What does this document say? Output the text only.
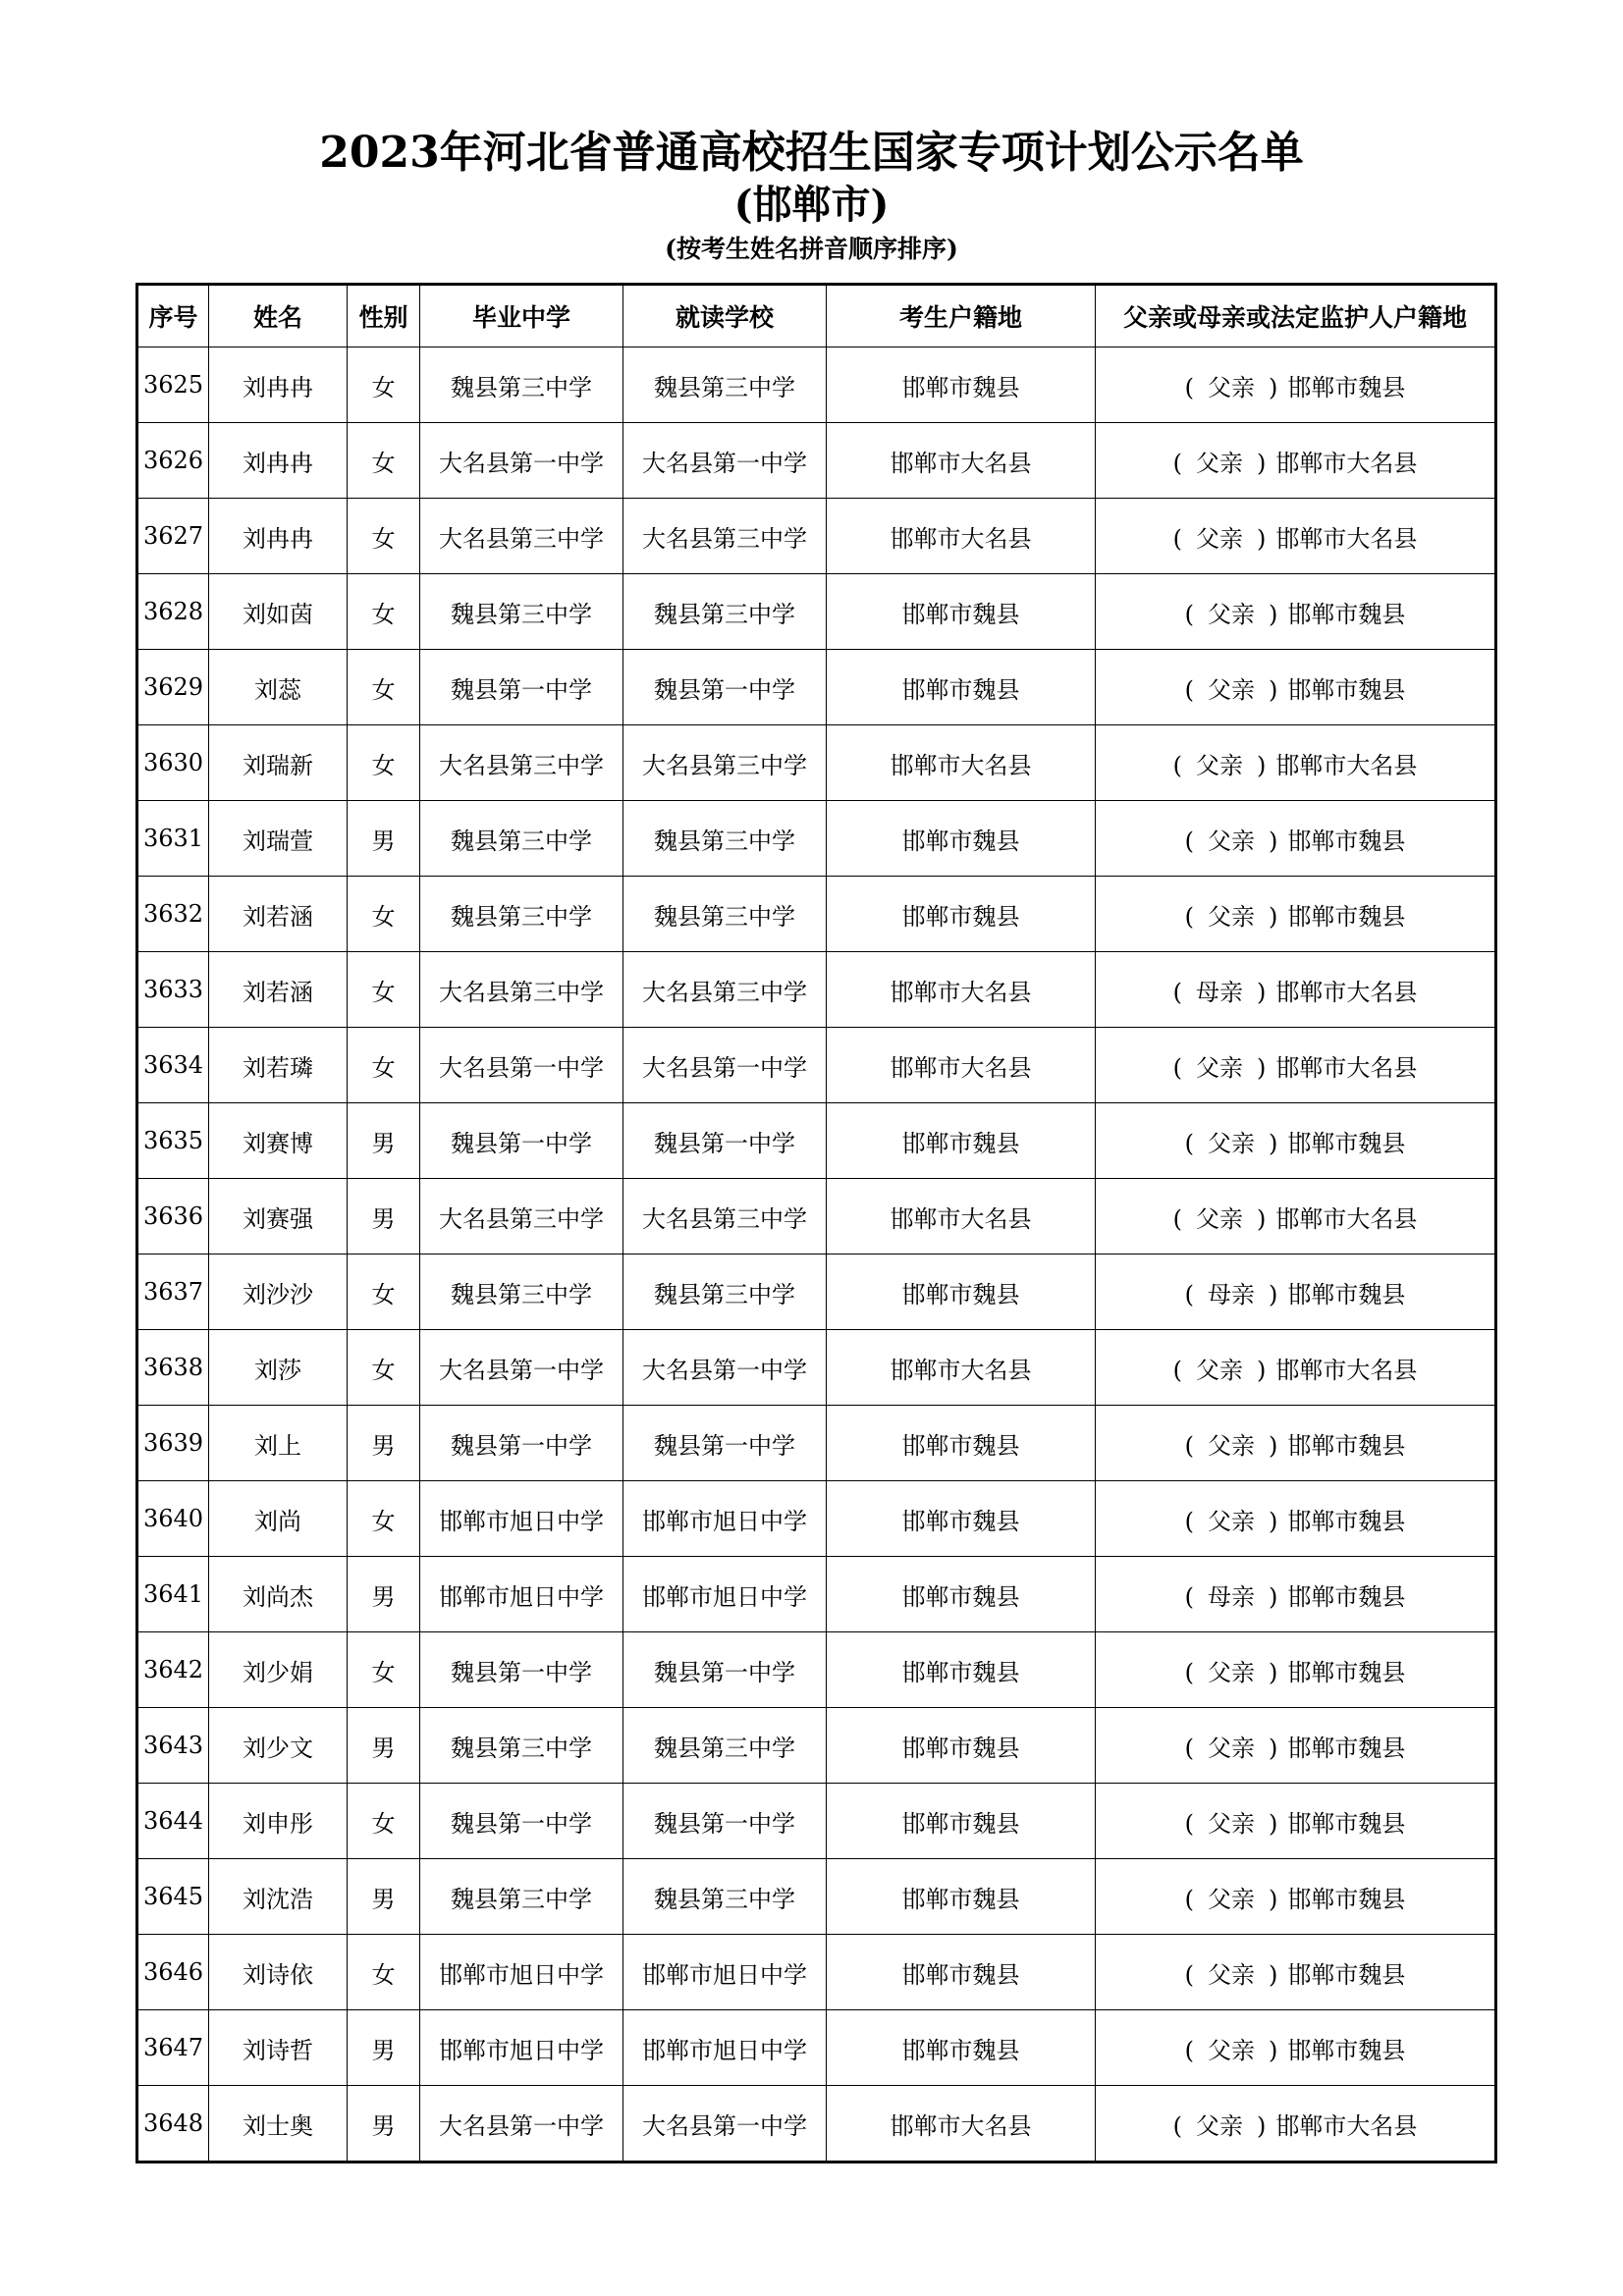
2023年河北省普通高校招生国家专项计划公示名单
(邯郸市)
(按考生姓名拼音顺序排序)
序号	姓名	性别	毕业中学	就读学校	考生户籍地	父亲或母亲或法定监护人户籍地
3625	刘冉冉	女	魏县第三中学	魏县第三中学	邯郸市魏县	( 父亲 ) 邯郸市魏县
3626	刘冉冉	女	大名县第一中学	大名县第一中学	邯郸市大名县	( 父亲 ) 邯郸市大名县
3627	刘冉冉	女	大名县第三中学	大名县第三中学	邯郸市大名县	( 父亲 ) 邯郸市大名县
3628	刘如茵	女	魏县第三中学	魏县第三中学	邯郸市魏县	( 父亲 ) 邯郸市魏县
3629	刘蕊	女	魏县第一中学	魏县第一中学	邯郸市魏县	( 父亲 ) 邯郸市魏县
3630	刘瑞新	女	大名县第三中学	大名县第三中学	邯郸市大名县	( 父亲 ) 邯郸市大名县
3631	刘瑞萱	男	魏县第三中学	魏县第三中学	邯郸市魏县	( 父亲 ) 邯郸市魏县
3632	刘若涵	女	魏县第三中学	魏县第三中学	邯郸市魏县	( 父亲 ) 邯郸市魏县
3633	刘若涵	女	大名县第三中学	大名县第三中学	邯郸市大名县	( 母亲 ) 邯郸市大名县
3634	刘若璘	女	大名县第一中学	大名县第一中学	邯郸市大名县	( 父亲 ) 邯郸市大名县
3635	刘赛博	男	魏县第一中学	魏县第一中学	邯郸市魏县	( 父亲 ) 邯郸市魏县
3636	刘赛强	男	大名县第三中学	大名县第三中学	邯郸市大名县	( 父亲 ) 邯郸市大名县
3637	刘沙沙	女	魏县第三中学	魏县第三中学	邯郸市魏县	( 母亲 ) 邯郸市魏县
3638	刘莎	女	大名县第一中学	大名县第一中学	邯郸市大名县	( 父亲 ) 邯郸市大名县
3639	刘上	男	魏县第一中学	魏县第一中学	邯郸市魏县	( 父亲 ) 邯郸市魏县
3640	刘尚	女	邯郸市旭日中学	邯郸市旭日中学	邯郸市魏县	( 父亲 ) 邯郸市魏县
3641	刘尚杰	男	邯郸市旭日中学	邯郸市旭日中学	邯郸市魏县	( 母亲 ) 邯郸市魏县
3642	刘少娟	女	魏县第一中学	魏县第一中学	邯郸市魏县	( 父亲 ) 邯郸市魏县
3643	刘少文	男	魏县第三中学	魏县第三中学	邯郸市魏县	( 父亲 ) 邯郸市魏县
3644	刘申彤	女	魏县第一中学	魏县第一中学	邯郸市魏县	( 父亲 ) 邯郸市魏县
3645	刘沈浩	男	魏县第三中学	魏县第三中学	邯郸市魏县	( 父亲 ) 邯郸市魏县
3646	刘诗依	女	邯郸市旭日中学	邯郸市旭日中学	邯郸市魏县	( 父亲 ) 邯郸市魏县
3647	刘诗哲	男	邯郸市旭日中学	邯郸市旭日中学	邯郸市魏县	( 父亲 ) 邯郸市魏县
3648	刘士奥	男	大名县第一中学	大名县第一中学	邯郸市大名县	( 父亲 ) 邯郸市大名县
